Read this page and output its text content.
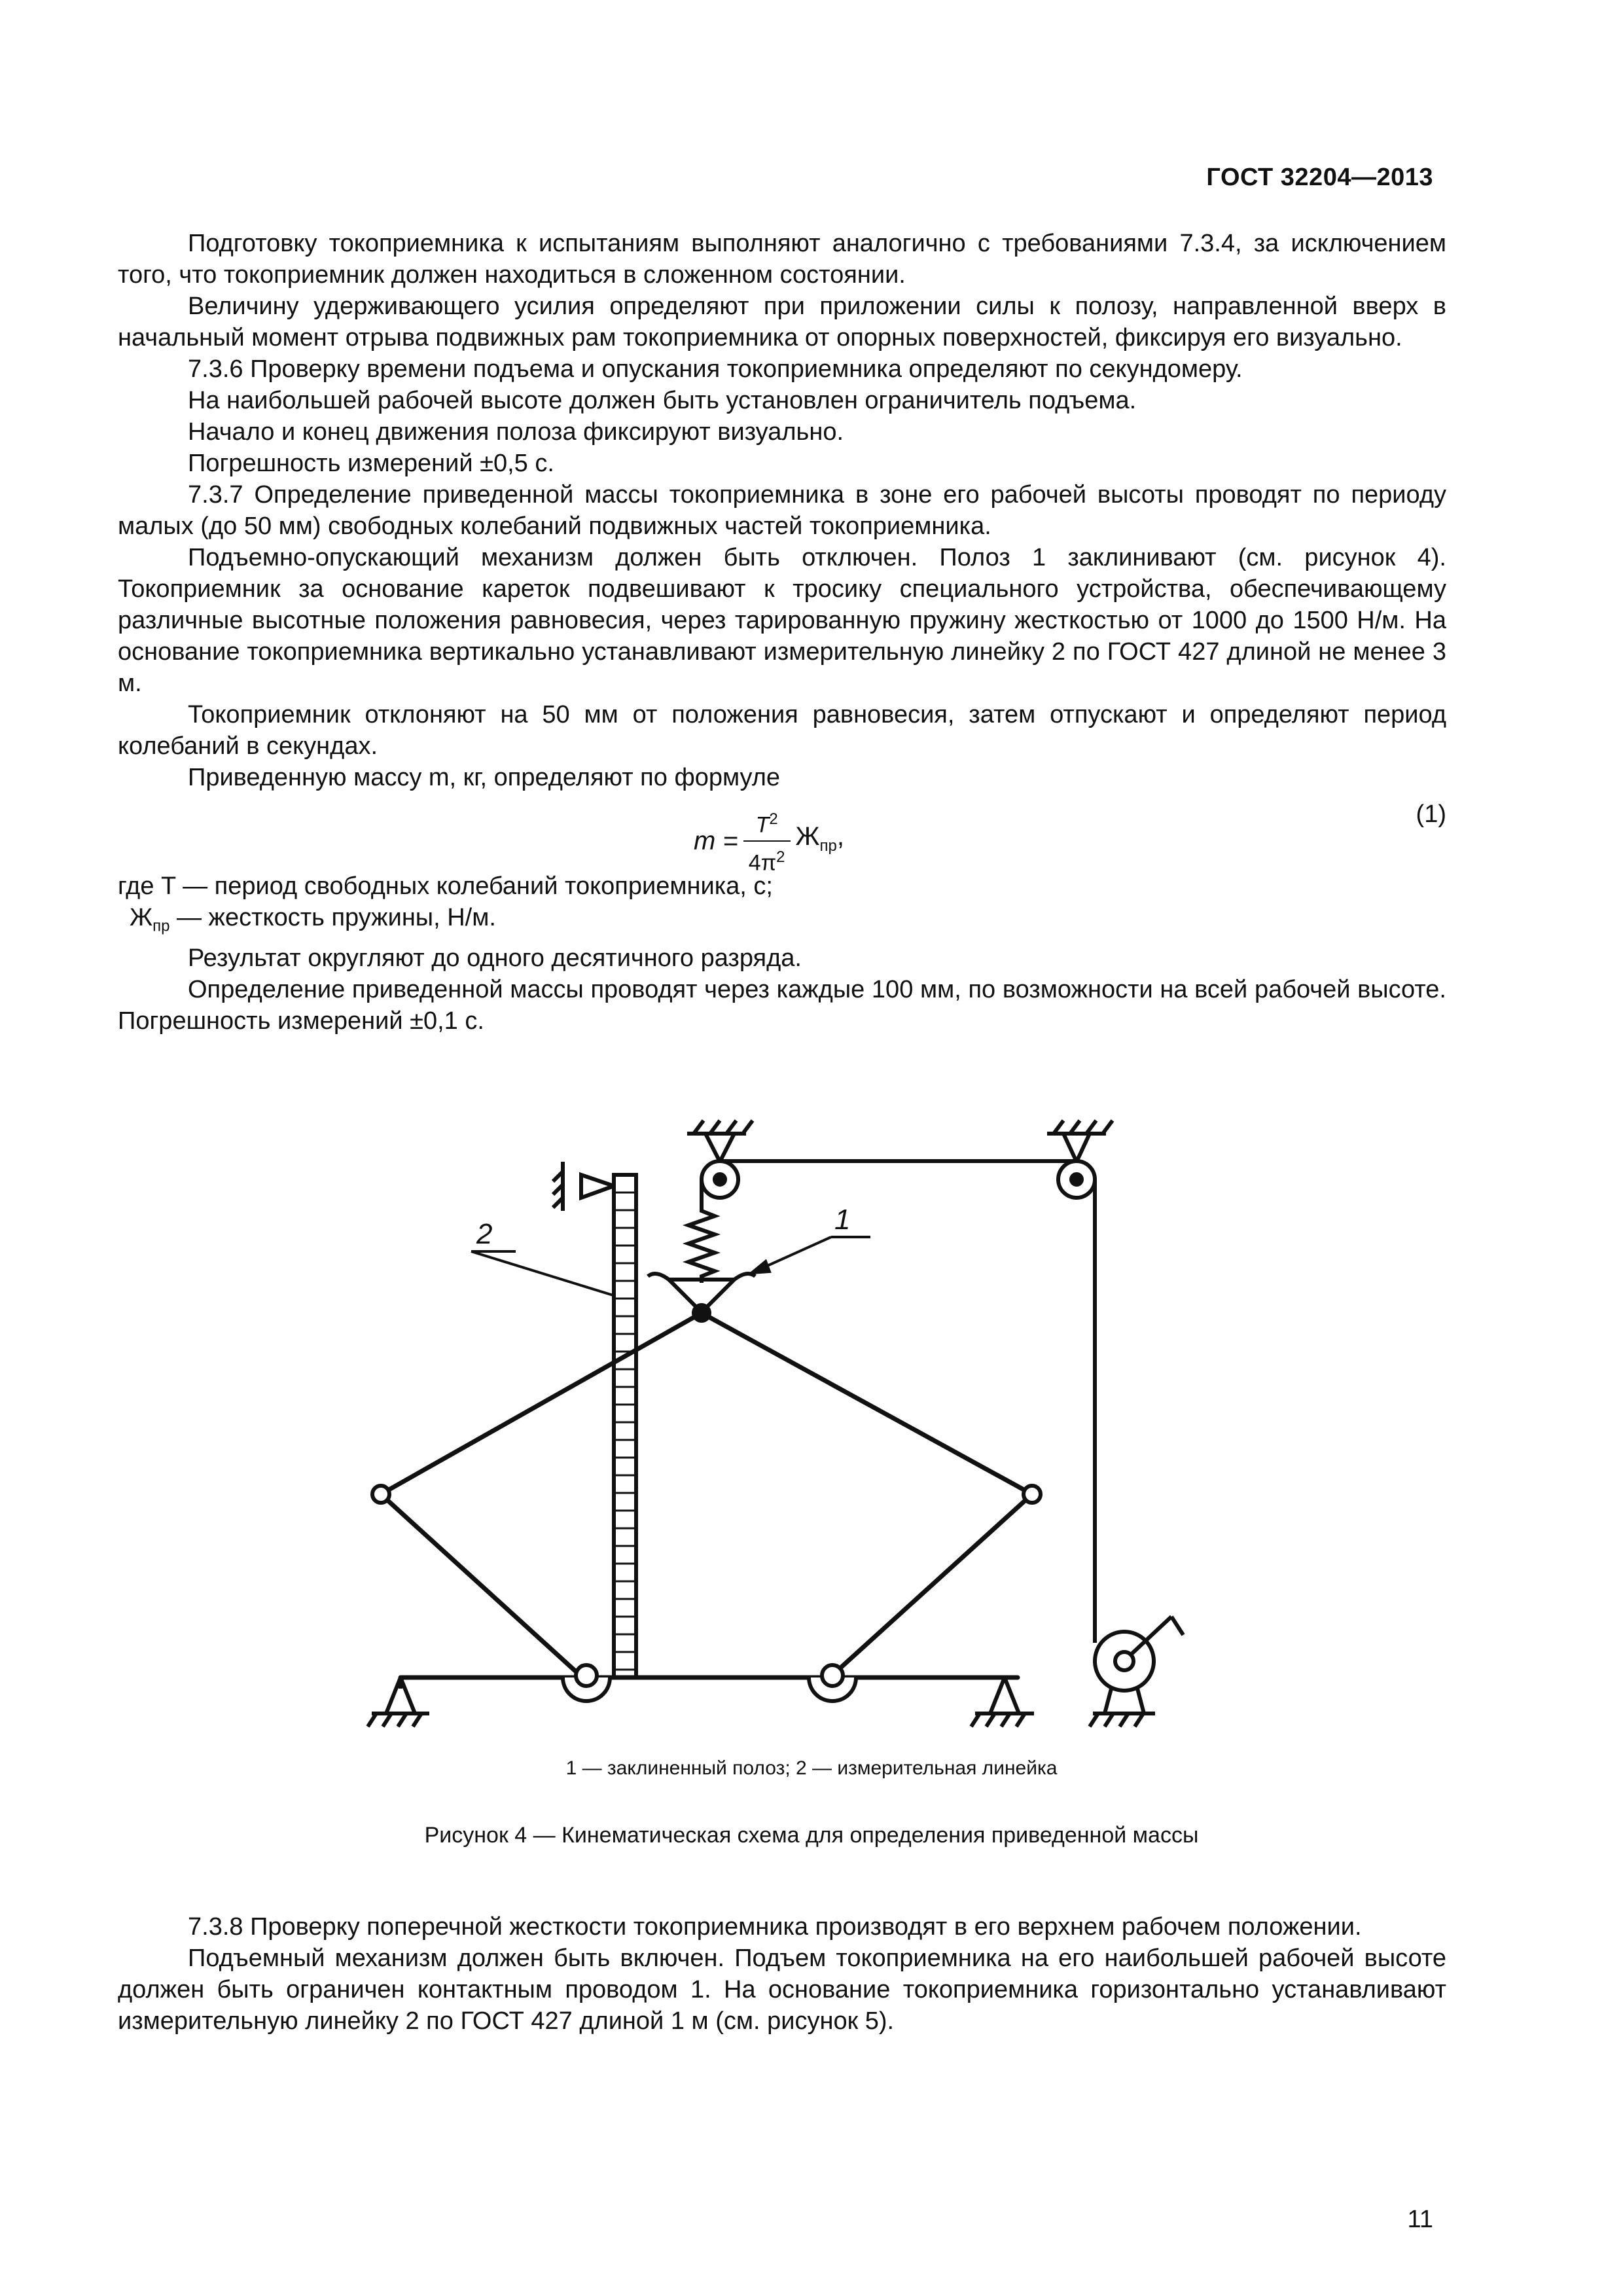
ГОСТ 32204—2013

Подготовку токоприемника к испытаниям выполняют аналогично с требованиями 7.3.4, за исключением того, что токоприемник должен находиться в сложенном состоянии.

Величину удерживающего усилия определяют при приложении силы к полозу, направленной вверх в начальный момент отрыва подвижных рам токоприемника от опорных поверхностей, фиксируя его визуально.

7.3.6 Проверку времени подъема и опускания токоприемника определяют по секундомеру.

На наибольшей рабочей высоте должен быть установлен ограничитель подъема.

Начало и конец движения полоза фиксируют визуально.

Погрешность измерений ±0,5 с.

7.3.7 Определение приведенной массы токоприемника в зоне его рабочей высоты проводят по периоду малых (до 50 мм) свободных колебаний подвижных частей токоприемника.

Подъемно-опускающий механизм должен быть отключен. Полоз 1 заклинивают (см. рисунок 4). Токоприемник за основание кареток подвешивают к тросику специального устройства, обеспечивающему различные высотные положения равновесия, через тарированную пружину жесткостью от 1000 до 1500 Н/м. На основание токоприемника вертикально устанавливают измерительную линейку 2 по ГОСТ 427 длиной не менее 3 м.

Токоприемник отклоняют на 50 мм от положения равновесия, затем отпускают и определяют период колебаний в секундах.

Приведенную массу m, кг, определяют по формуле

$m = \frac{T^2}{4\pi^2} Ж_{пр}$,
(1)

где T — период свободных колебаний токоприемника, с;

$Ж_{пр}$ — жесткость пружины, Н/м.

Результат округляют до одного десятичного разряда.

Определение приведенной массы проводят через каждые 100 мм, по возможности на всей рабочей высоте. Погрешность измерений ±0,1 с.

1
2
1 — заклиненный полоз; 2 — измерительная линейка
Рисунок 4 — Кинематическая схема для определения приведенной массы

7.3.8 Проверку поперечной жесткости токоприемника производят в его верхнем рабочем положении.

Подъемный механизм должен быть включен. Подъем токоприемника на его наибольшей рабочей высоте должен быть ограничен контактным проводом 1. На основание токоприемника горизонтально устанавливают измерительную линейку 2 по ГОСТ 427 длиной 1 м (см. рисунок 5).

11
